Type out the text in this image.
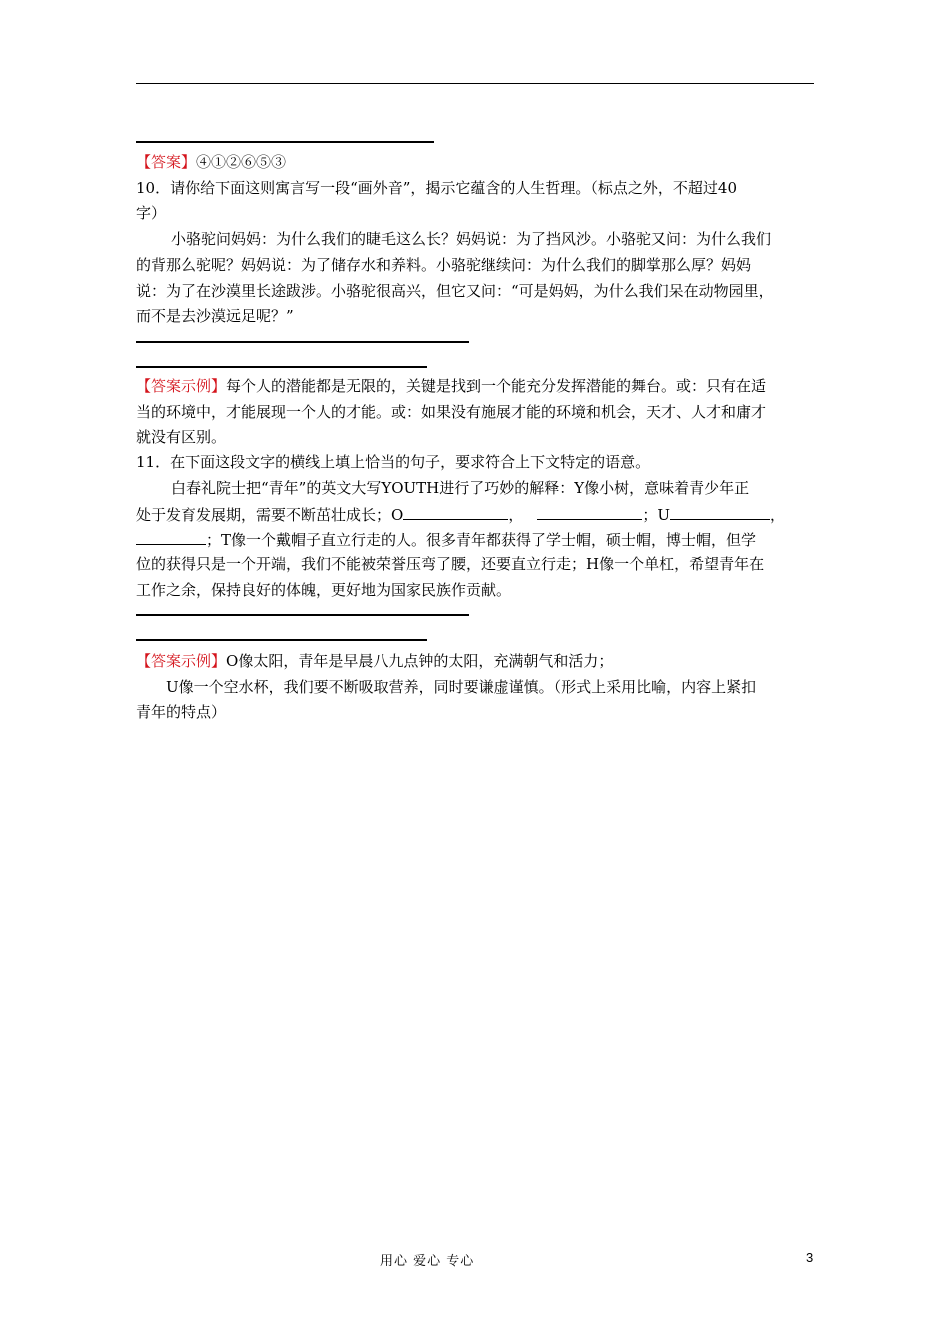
【答案】④①②⑥⑤③
10．请你给下面这则寓言写一段“画外音”，揭示它蕴含的人生哲理。（标点之外，不超过40
字）
小骆驼问妈妈：为什么我们的睫毛这么长？妈妈说：为了挡风沙。小骆驼又问：为什么我们
的背那么驼呢？妈妈说：为了储存水和养料。小骆驼继续问：为什么我们的脚掌那么厚？妈妈
说：为了在沙漠里长途跋涉。小骆驼很高兴，但它又问：“可是妈妈，为什么我们呆在动物园里，
而不是去沙漠远足呢？”
【答案示例】每个人的潜能都是无限的，关键是找到一个能充分发挥潜能的舞台。或：只有在适
当的环境中，才能展现一个人的才能。或：如果没有施展才能的环境和机会，天才、人才和庸才
就没有区别。
11．在下面这段文字的横线上填上恰当的句子，要求符合上下文特定的语意。
白春礼院士把“青年”的英文大写YOUTH进行了巧妙的解释：Y像小树，意味着青少年正
处于发育发展期，需要不断茁壮成长；O	，	；U	，
；T像一个戴帽子直立行走的人。很多青年都获得了学士帽，硕士帽，博士帽，但学
位的获得只是一个开端，我们不能被荣誉压弯了腰，还要直立行走；H像一个单杠，希望青年在
工作之余，保持良好的体魄，更好地为国家民族作贡献。
【答案示例】O像太阳，青年是早晨八九点钟的太阳，充满朝气和活力；
U像一个空水杯，我们要不断吸取营养，同时要谦虚谨慎。（形式上采用比喻，内容上紧扣
青年的特点）
用心 爱心 专心	3
